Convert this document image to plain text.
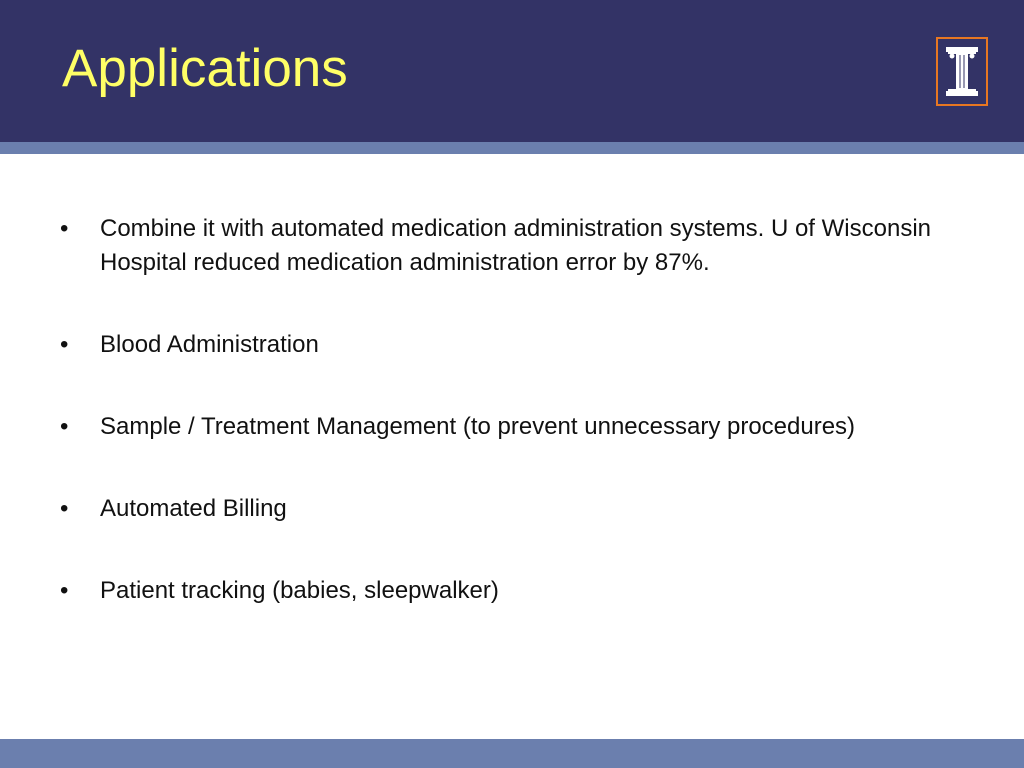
Applications
• Combine it with automated medication administration systems. U of Wisconsin Hospital reduced medication administration error by 87%.
• Blood Administration
• Sample / Treatment Management (to prevent unnecessary procedures)
• Automated Billing
• Patient tracking (babies, sleepwalker)
